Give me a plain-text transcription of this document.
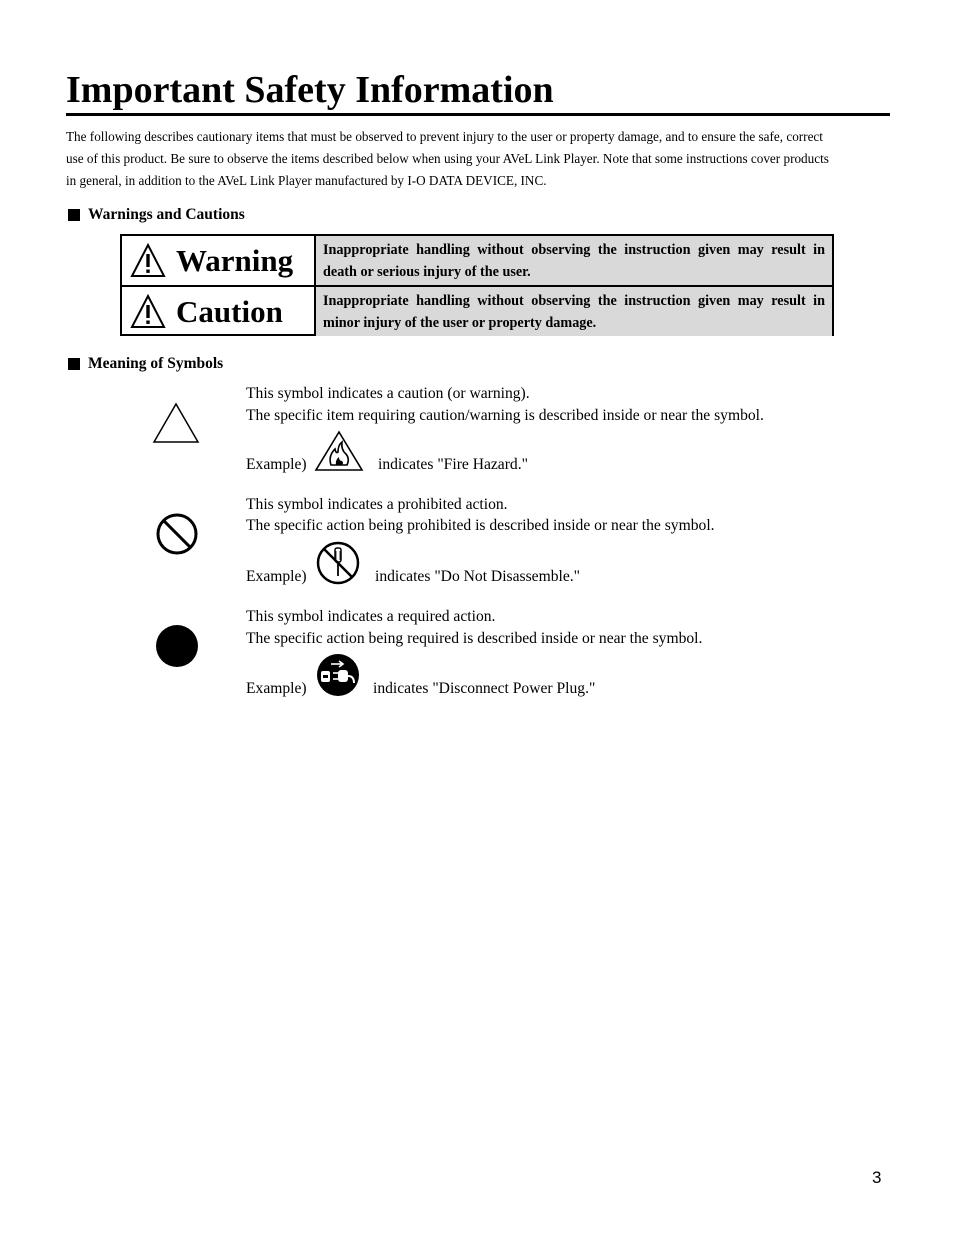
Important Safety Information
The following describes cautionary items that must be observed to prevent injury to the user or property damage, and to ensure the safe, correct
use of this product. Be sure to observe the items described below when using your AVeL Link Player. Note that some instructions cover products
in general, in addition to the AVeL Link Player manufactured by I-O DATA DEVICE, INC.
Warnings and Cautions
Warning	Inappropriate handling without observing the instruction given may result in death or serious injury of the user.
Caution	Inappropriate handling without observing the instruction given may result in minor injury of the user or property damage.
Meaning of Symbols
This symbol indicates a caution (or warning).
The specific item requiring caution/warning is described inside or near the symbol.
Example)	indicates "Fire Hazard."
This symbol indicates a prohibited action.
The specific action being prohibited is described inside or near the symbol.
Example)	indicates "Do Not Disassemble."
This symbol indicates a required action.
The specific action being required is described inside or near the symbol.
Example)	indicates "Disconnect Power Plug."
3
